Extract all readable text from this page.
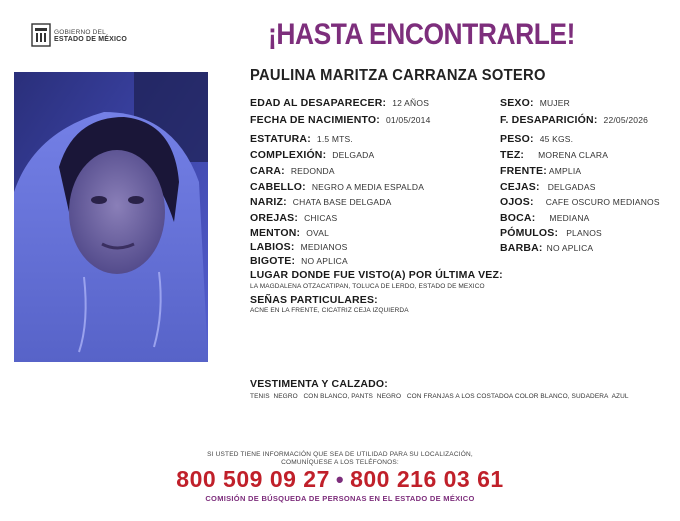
GOBIERNO DEL
ESTADO DE MÉXICO	¡HASTA ENCONTRARLE!
PAULINA MARITZA CARRANZA SOTERO
EDAD AL DESAPARECER: 12 AÑOS
FECHA DE NACIMIENTO: 01/05/2014
ESTATURA: 1.5 MTS.
COMPLEXIÓN: DELGADA
CARA: REDONDA
CABELLO: NEGRO A MEDIA ESPALDA
NARIZ: CHATA BASE DELGADA
OREJAS: CHICAS
MENTON: OVAL
LABIOS: MEDIANOS
BIGOTE: NO APLICA
SEXO: MUJER
F. DESAPARICIÓN: 22/05/2026
PESO: 45 KGS.
TEZ: MORENA CLARA
FRENTE: AMPLIA
CEJAS: DELGADAS
OJOS: CAFE OSCURO MEDIANOS
BOCA: MEDIANA
PÓMULOS: PLANOS
BARBA: NO APLICA
LUGAR DONDE FUE VISTO(A) POR ÚLTIMA VEZ:
LA MAGDALENA OTZACATIPAN, TOLUCA DE LERDO, ESTADO DE MEXICO
SEÑAS PARTICULARES:
ACNE EN LA FRENTE, CICATRIZ CEJA IZQUIERDA
VESTIMENTA Y CALZADO:
TENIS  NEGRO   CON BLANCO, PANTS  NEGRO   CON FRANJAS A LOS COSTADOA COLOR BLANCO, SUDADERA  AZUL
SI USTED TIENE INFORMACIÓN QUE SEA DE UTILIDAD PARA SU LOCALIZACIÓN,
COMUNÍQUESE A LOS TELÉFONOS:
800 509 09 27 • 800 216 03 61
COMISIÓN DE BÚSQUEDA DE PERSONAS EN EL ESTADO DE MÉXICO
